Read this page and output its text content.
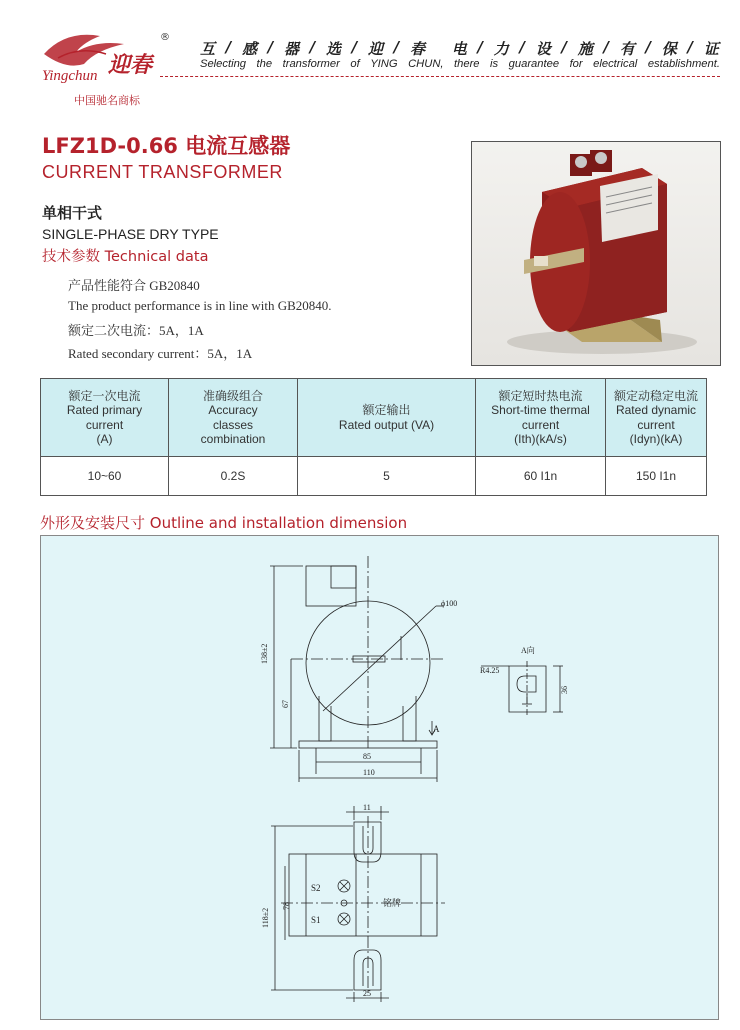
Yingchun 迎春
®
中国驰名商标
互 / 感 / 器 / 选 / 迎 / 春
电 / 力 / 设 / 施 / 有 / 保 / 证
Selecting the transformer of YING CHUN, there is guarantee for electrical establishment.
LFZ1D-0.66 电流互感器
CURRENT TRANSFORMER
单相干式
SINGLE-PHASE DRY TYPE
技术参数 Technical data
产品性能符合 GB20840
The product performance is in line with GB20840.
额定二次电流：5A，1A
Rated secondary current：5A，1A
额定一次电流
Rated primary
current
(A)	准确级组合
Accuracy
classes
combination	额定输出
Rated output (VA)	额定短时热电流
Short-time thermal
current
(Ith)(kA/s)	额定动稳定电流
Rated dynamic
current
(Idyn)(kA)
10~60	0.2S	5	60 I1n	150 I1n
外形及安装尺寸 Outline and installation dimension
ϕ100
138±2
67
85
110
A
A向
R4.25
36
11
118±2
78
S2
S1
铭牌
25
